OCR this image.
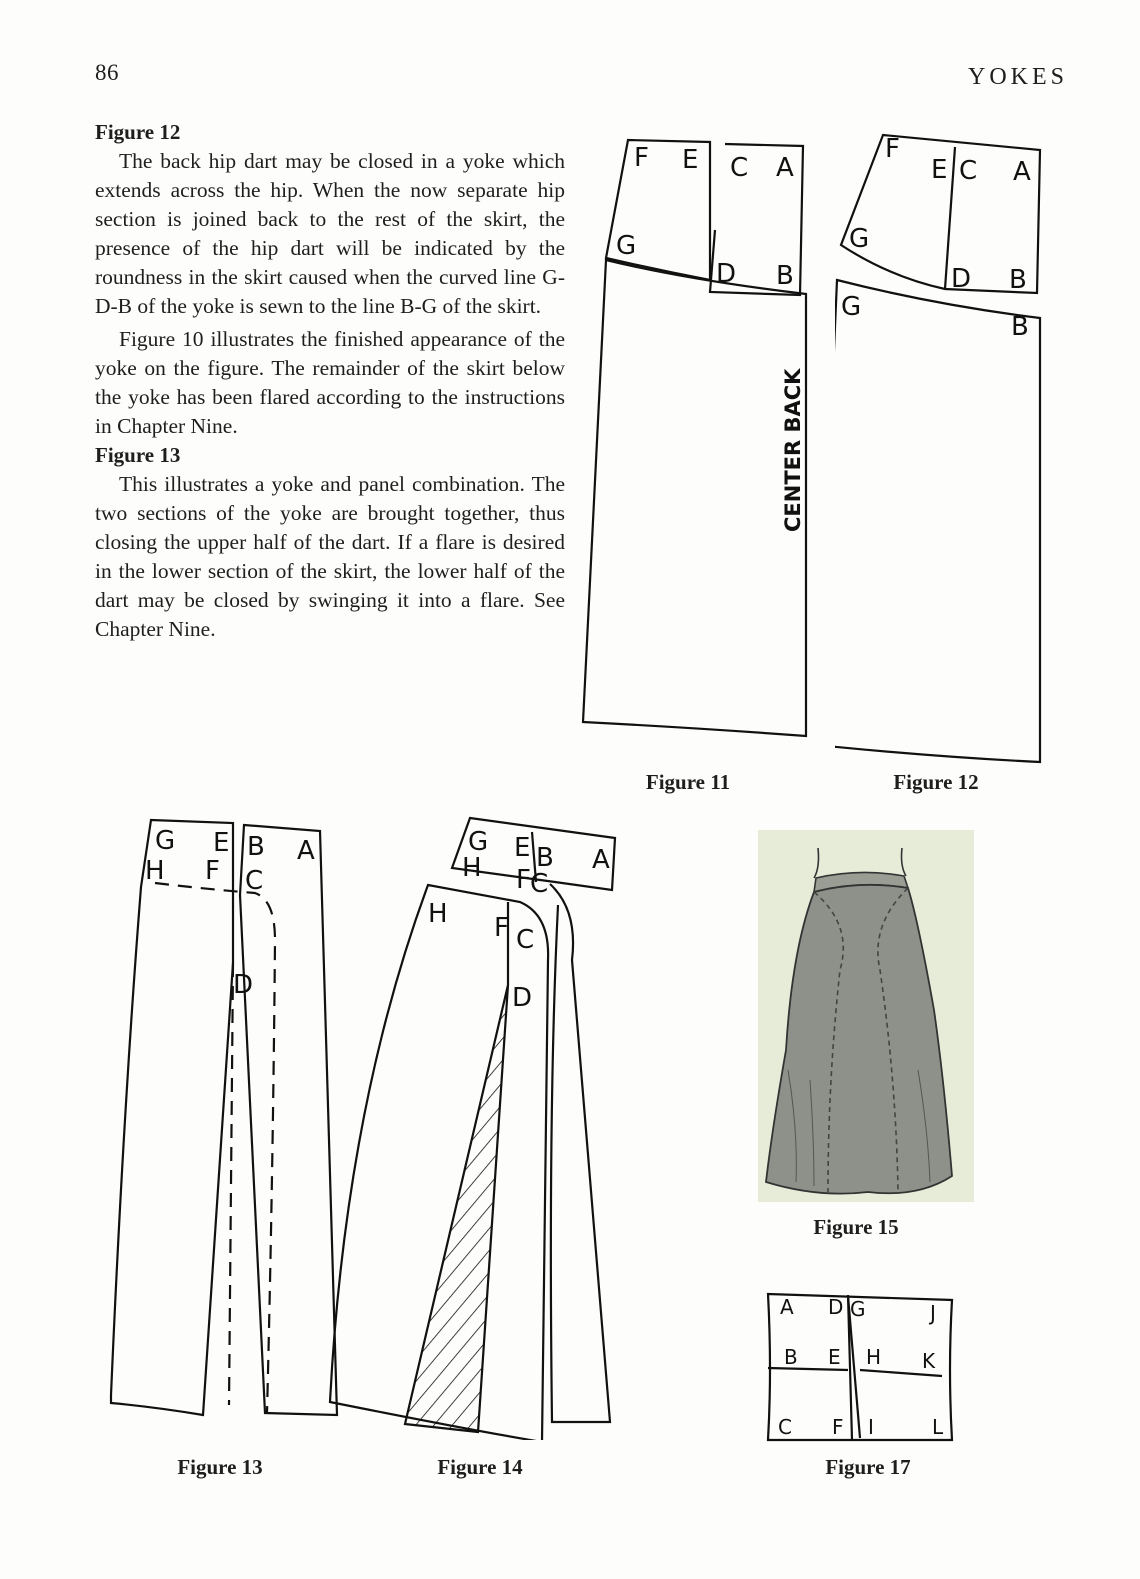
86	YOKES

Figure 12

The back hip dart may be closed in a yoke which extends across the hip. When the now separate hip section is joined back to the rest of the skirt, the presence of the hip dart will be indicated by the roundness in the skirt caused when the curved line G-D-B of the yoke is sewn to the line B-G of the skirt.

Figure 10 illustrates the finished appearance of the yoke on the figure. The remainder of the skirt below the yoke has been flared according to the instructions in Chapter Nine.

Figure 13

This illustrates a yoke and panel combination. The two sections of the yoke are brought together, thus closing the upper half of the dart. If a flare is desired in the lower section of the skirt, the lower half of the dart may be closed by swinging it into a flare. See Chapter Nine.

F E C A
G
D B
CENTER BACK
Figure 11
F
E C A
G
D B
G
B
Figure 12
G E B A
H F C
D
Figure 13
G E B A
H F C
H F C
D
Figure 14
Figure 15
A D G	J
B E H K
C F I	L
Figure 17
